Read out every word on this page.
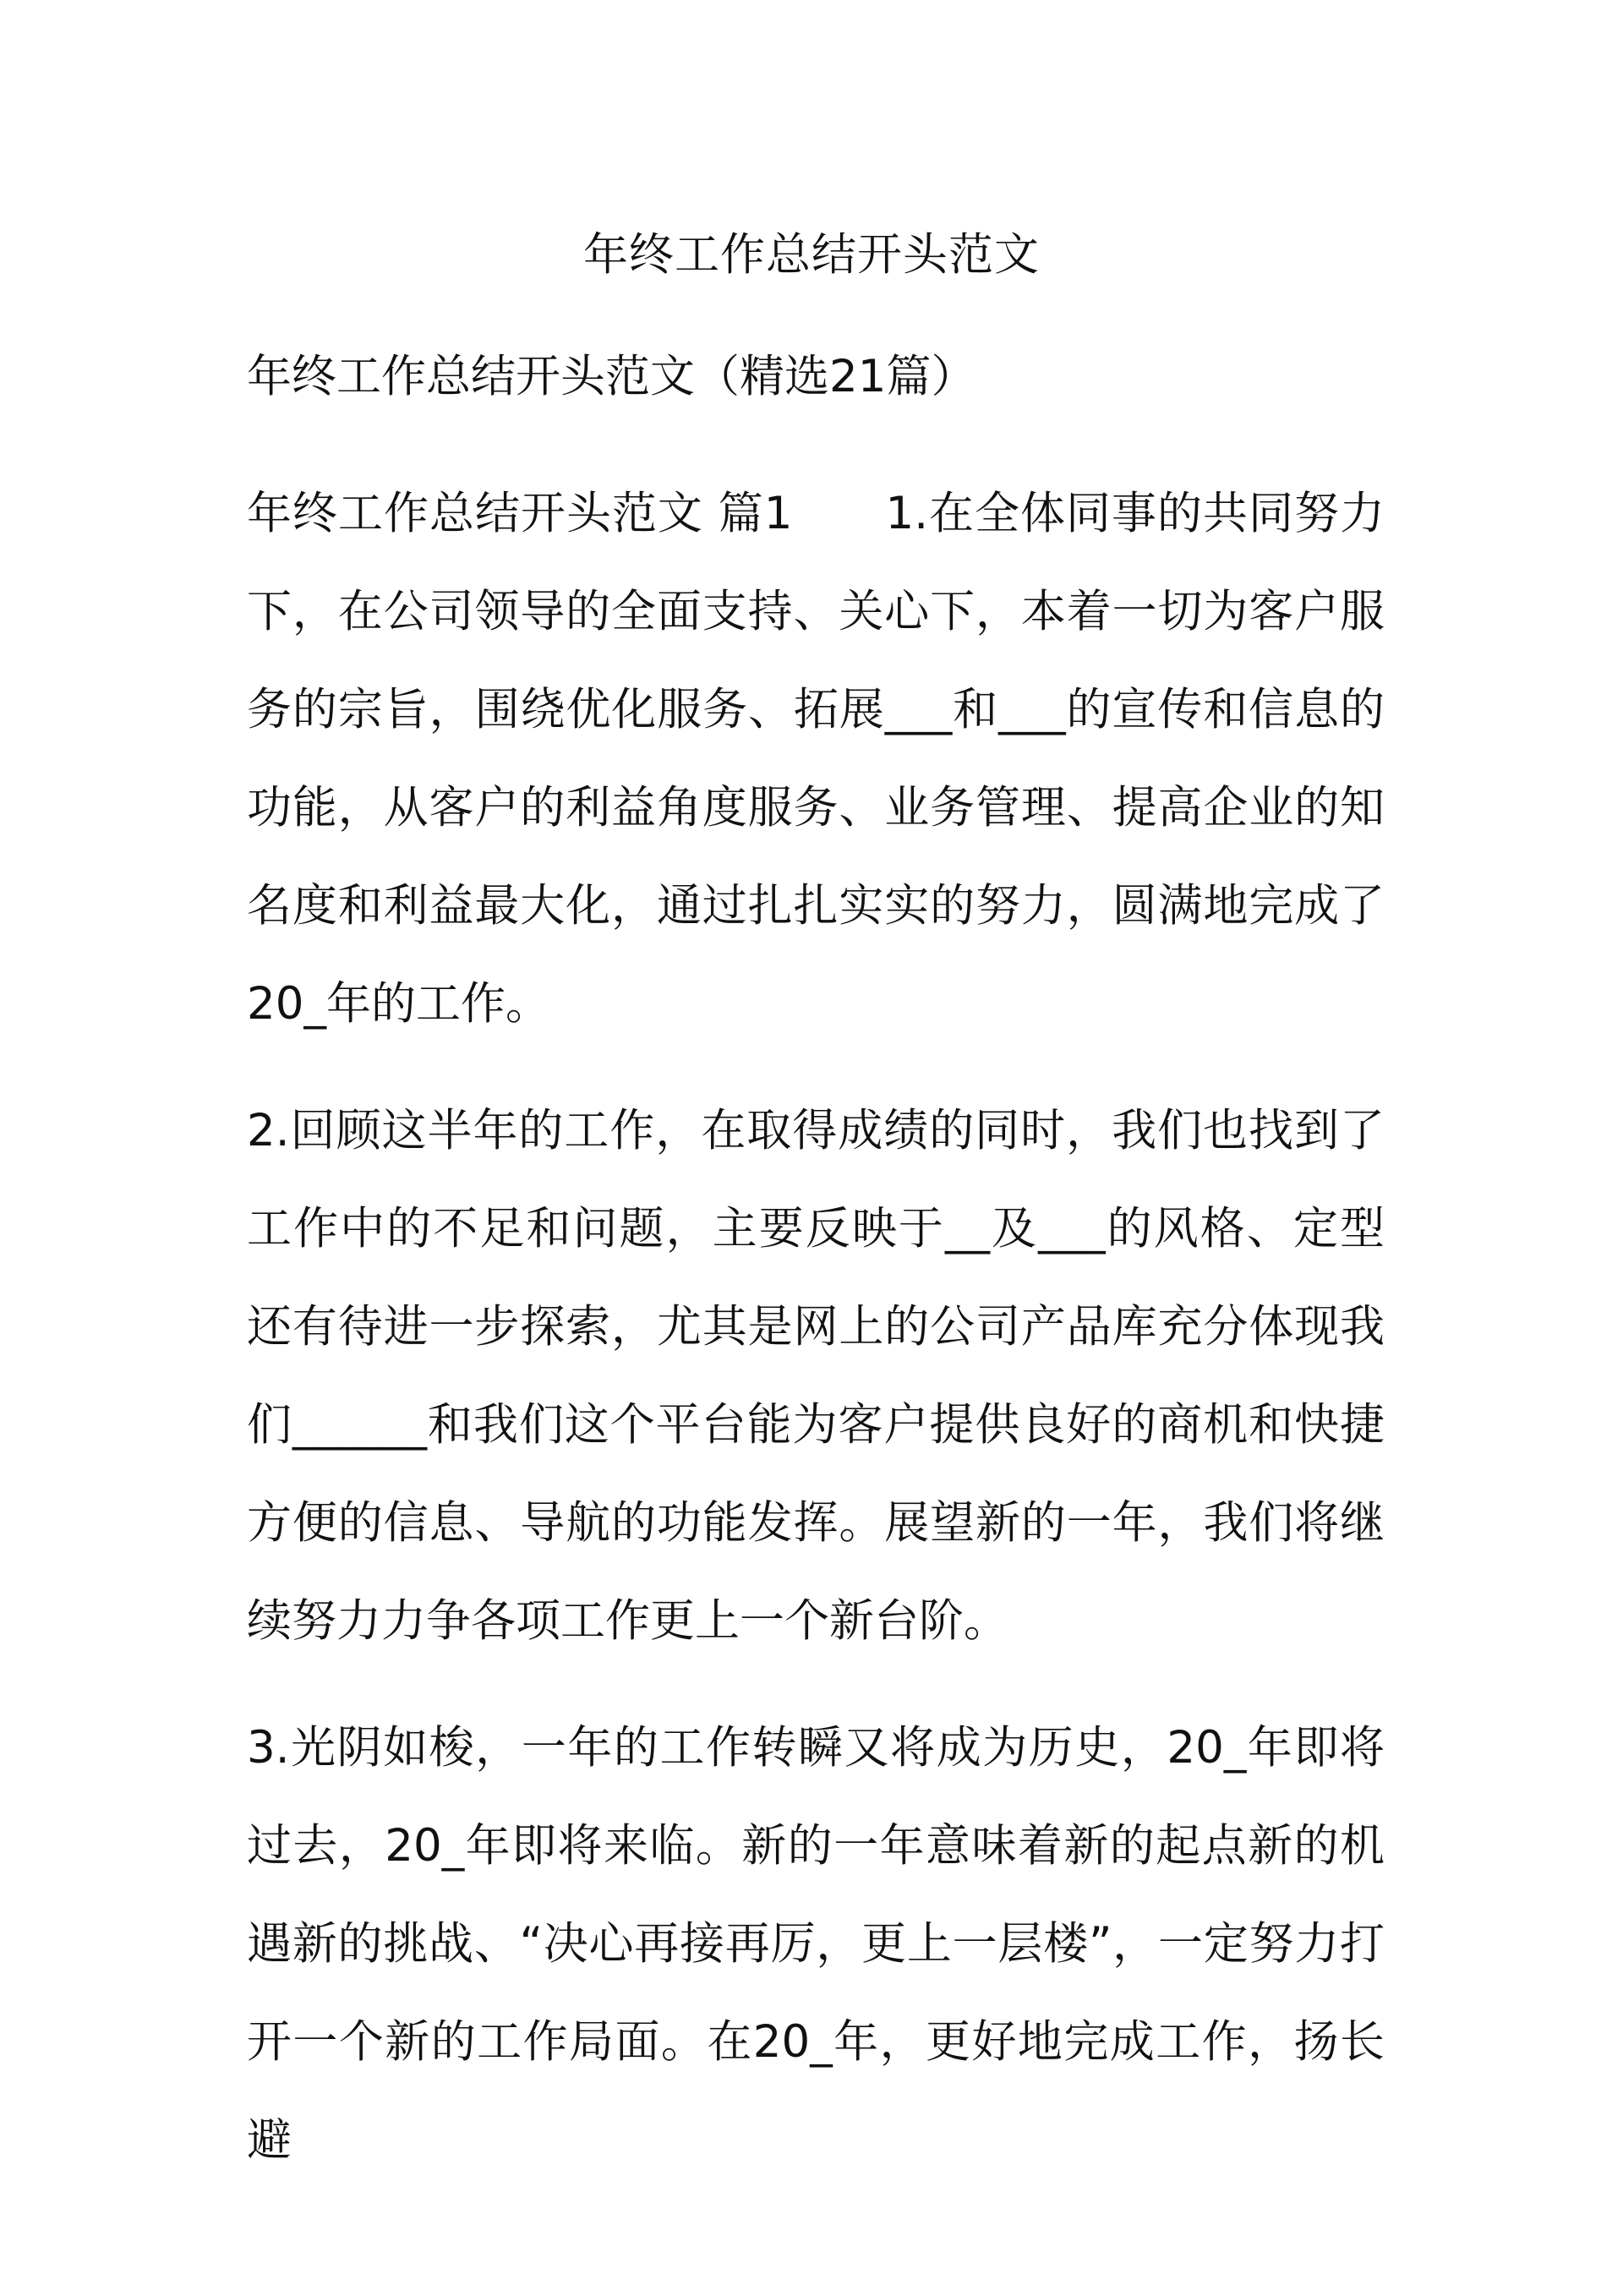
年终工作总结开头范文

年终工作总结开头范文（精选21篇）

年终工作总结开头范文 篇1 1.在全体同事的共同努力下，在公司领导的全面支持、关心下，本着一切为客户服务的宗旨，围绕优化服务、拓展___和___的宣传和信息的功能，从客户的利益角度服务、业务管理、提高企业的知名度和利益最大化，通过扎扎实实的努力，圆满地完成了20_年的工作。

2.回顾这半年的工作，在取得成绩的同时，我们也找到了工作中的不足和问题，主要反映于__及___的风格、定型还有待进一步探索，尤其是网上的公司产品库充分体现我们______和我们这个平台能为客户提供良好的商机和快捷方便的信息、导航的功能发挥。展望新的一年，我们将继续努力力争各项工作更上一个新台阶。

3.光阴如梭，一年的工作转瞬又将成为历史，20_年即将过去，20_年即将来临。新的一年意味着新的起点新的机遇新的挑战、“决心再接再厉，更上一层楼”，一定努力打开一个新的工作局面。在20_年，更好地完成工作，扬长避
